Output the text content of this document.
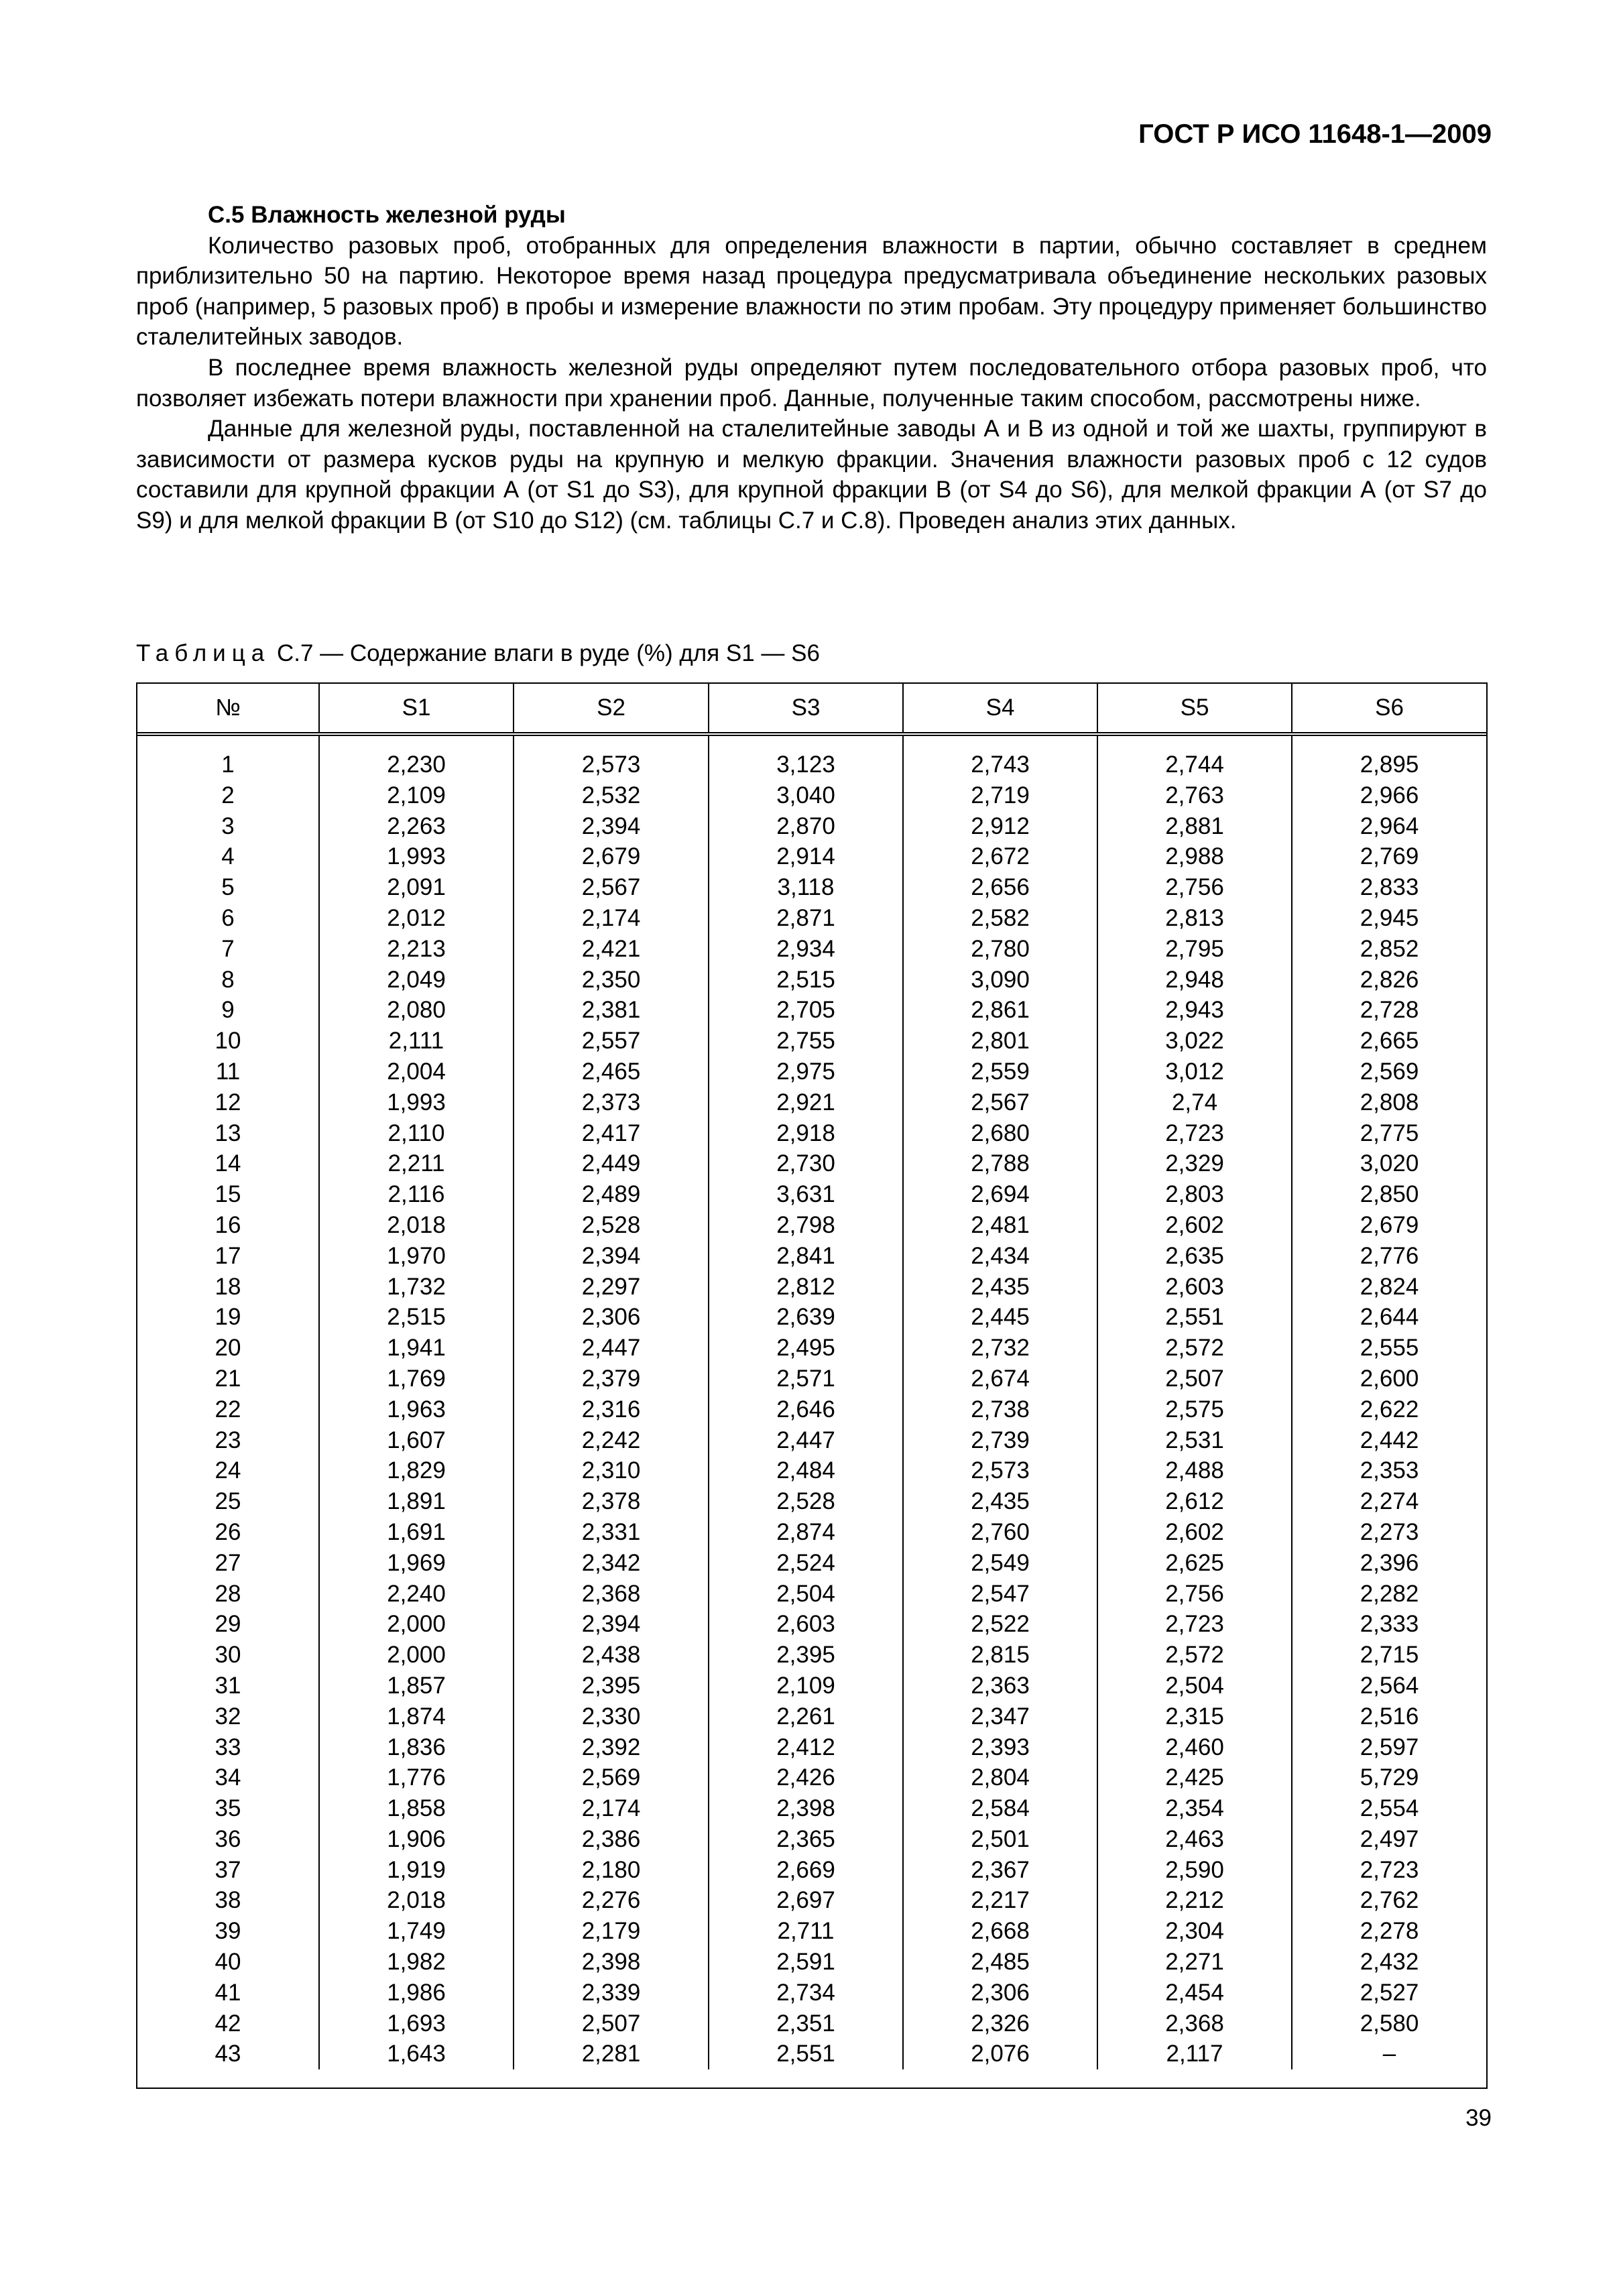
ГОСТ Р ИСО 11648-1—2009
С.5 Влажность железной руды

Количество разовых проб, отобранных для определения влажности в партии, обычно составляет в среднем приблизительно 50 на партию. Некоторое время назад процедура предусматривала объединение нескольких разовых проб (например, 5 разовых проб) в пробы и измерение влажности по этим пробам. Эту процедуру применяет большинство сталелитейных заводов.

В последнее время влажность железной руды определяют путем последовательного отбора разовых проб, что позволяет избежать потери влажности при хранении проб. Данные, полученные таким способом, рассмотрены ниже.

Данные для железной руды, поставленной на сталелитейные заводы А и В из одной и той же шахты, группируют в зависимости от размера кусков руды на крупную и мелкую фракции. Значения влажности разовых проб с 12 судов составили для крупной фракции А (от S1 до S3), для крупной фракции В (от S4 до S6), для мелкой фракции А (от S7 до S9) и для мелкой фракции В (от S10 до S12) (см. таблицы С.7 и С.8). Проведен анализ этих данных.

Таблица С.7 — Содержание влаги в руде (%) для S1 — S6
№	S1	S2	S3	S4	S5	S6
1	2,230	2,573	3,123	2,743	2,744	2,895
2	2,109	2,532	3,040	2,719	2,763	2,966
3	2,263	2,394	2,870	2,912	2,881	2,964
4	1,993	2,679	2,914	2,672	2,988	2,769
5	2,091	2,567	3,118	2,656	2,756	2,833
6	2,012	2,174	2,871	2,582	2,813	2,945
7	2,213	2,421	2,934	2,780	2,795	2,852
8	2,049	2,350	2,515	3,090	2,948	2,826
9	2,080	2,381	2,705	2,861	2,943	2,728
10	2,111	2,557	2,755	2,801	3,022	2,665
11	2,004	2,465	2,975	2,559	3,012	2,569
12	1,993	2,373	2,921	2,567	2,74	2,808
13	2,110	2,417	2,918	2,680	2,723	2,775
14	2,211	2,449	2,730	2,788	2,329	3,020
15	2,116	2,489	3,631	2,694	2,803	2,850
16	2,018	2,528	2,798	2,481	2,602	2,679
17	1,970	2,394	2,841	2,434	2,635	2,776
18	1,732	2,297	2,812	2,435	2,603	2,824
19	2,515	2,306	2,639	2,445	2,551	2,644
20	1,941	2,447	2,495	2,732	2,572	2,555
21	1,769	2,379	2,571	2,674	2,507	2,600
22	1,963	2,316	2,646	2,738	2,575	2,622
23	1,607	2,242	2,447	2,739	2,531	2,442
24	1,829	2,310	2,484	2,573	2,488	2,353
25	1,891	2,378	2,528	2,435	2,612	2,274
26	1,691	2,331	2,874	2,760	2,602	2,273
27	1,969	2,342	2,524	2,549	2,625	2,396
28	2,240	2,368	2,504	2,547	2,756	2,282
29	2,000	2,394	2,603	2,522	2,723	2,333
30	2,000	2,438	2,395	2,815	2,572	2,715
31	1,857	2,395	2,109	2,363	2,504	2,564
32	1,874	2,330	2,261	2,347	2,315	2,516
33	1,836	2,392	2,412	2,393	2,460	2,597
34	1,776	2,569	2,426	2,804	2,425	5,729
35	1,858	2,174	2,398	2,584	2,354	2,554
36	1,906	2,386	2,365	2,501	2,463	2,497
37	1,919	2,180	2,669	2,367	2,590	2,723
38	2,018	2,276	2,697	2,217	2,212	2,762
39	1,749	2,179	2,711	2,668	2,304	2,278
40	1,982	2,398	2,591	2,485	2,271	2,432
41	1,986	2,339	2,734	2,306	2,454	2,527
42	1,693	2,507	2,351	2,326	2,368	2,580
43	1,643	2,281	2,551	2,076	2,117	–

39
